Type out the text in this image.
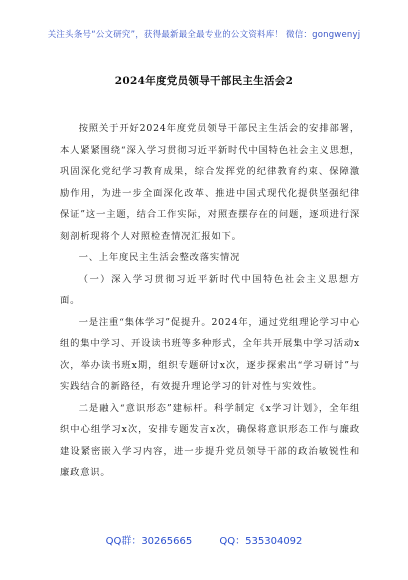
关注头条号“公文研究”，获得最新最全最专业的公文资料库！ 微信：gongwenyj
2024年度党员领导干部民主生活会2

按照关于开好2024年度党员领导干部民主生活会的安排部署，本人紧紧围绕“深入学习贯彻习近平新时代中国特色社会主义思想，巩固深化党纪学习教育成果，综合发挥党的纪律教育约束、保障激励作用，为进一步全面深化改革、推进中国式现代化提供坚强纪律保证”这一主题，结合工作实际，对照查摆存在的问题，逐项进行深刻剖析现将个人对照检查情况汇报如下。

一、上年度民主生活会整改落实情况

（一）深入学习贯彻习近平新时代中国特色社会主义思想方面。

一是注重“集体学习”促提升。2024年，通过党组理论学习中心组的集中学习、开设读书班等多种形式，全年共开展集中学习活动x次，举办读书班x期，组织专题研讨x次，逐步探索出“学习研讨”与实践结合的新路径，有效提升理论学习的针对性与实效性。

二是融入“意识形态”建标杆。科学制定《x学习计划》，全年组织中心组学习x次，安排专题发言x次，确保将意识形态工作与廉政建设紧密嵌入学习内容，进一步提升党员领导干部的政治敏锐性和廉政意识。

QQ群：30265665	QQ：535304092
